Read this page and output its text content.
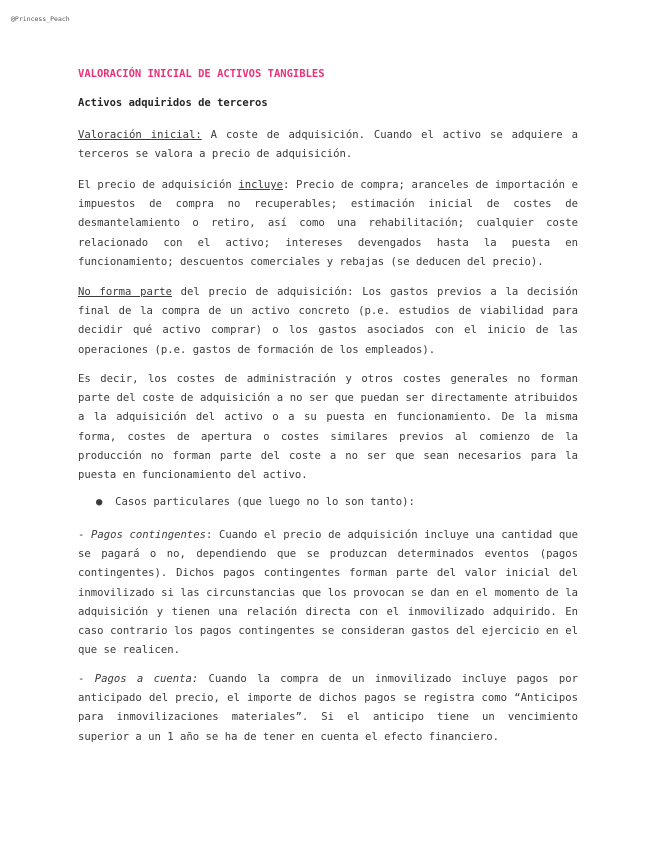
@Princess_Peach
VALORACIÓN INICIAL DE ACTIVOS TANGIBLES
Activos adquiridos de terceros
Valoración inicial: A coste de adquisición. Cuando el activo se adquiere a terceros se valora a precio de adquisición.
El precio de adquisición incluye: Precio de compra; aranceles de importación e impuestos de compra no recuperables; estimación inicial de costes de desmantelamiento o retiro, así como una rehabilitación; cualquier coste relacionado con el activo; intereses devengados hasta la puesta en funcionamiento; descuentos comerciales y rebajas (se deducen del precio).
No forma parte del precio de adquisición: Los gastos previos a la decisión final de la compra de un activo concreto (p.e. estudios de viabilidad para decidir qué activo comprar) o los gastos asociados con el inicio de las operaciones (p.e. gastos de formación de los empleados).
Es decir, los costes de administración y otros costes generales no forman parte del coste de adquisición a no ser que puedan ser directamente atribuidos a la adquisición del activo o a su puesta en funcionamiento. De la misma forma, costes de apertura o costes similares previos al comienzo de la producción no forman parte del coste a no ser que sean necesarios para la puesta en funcionamiento del activo.
● Casos particulares (que luego no lo son tanto):
- Pagos contingentes: Cuando el precio de adquisición incluye una cantidad que se pagará o no, dependiendo que se produzcan determinados eventos (pagos contingentes). Dichos pagos contingentes forman parte del valor inicial del inmovilizado si las circunstancias que los provocan se dan en el momento de la adquisición y tienen una relación directa con el inmovilizado adquirido. En caso contrario los pagos contingentes se consideran gastos del ejercicio en el que se realicen.
- Pagos a cuenta: Cuando la compra de un inmovilizado incluye pagos por anticipado del precio, el importe de dichos pagos se registra como “Anticipos para inmovilizaciones materiales”. Si el anticipo tiene un vencimiento superior a un 1 año se ha de tener en cuenta el efecto financiero.
